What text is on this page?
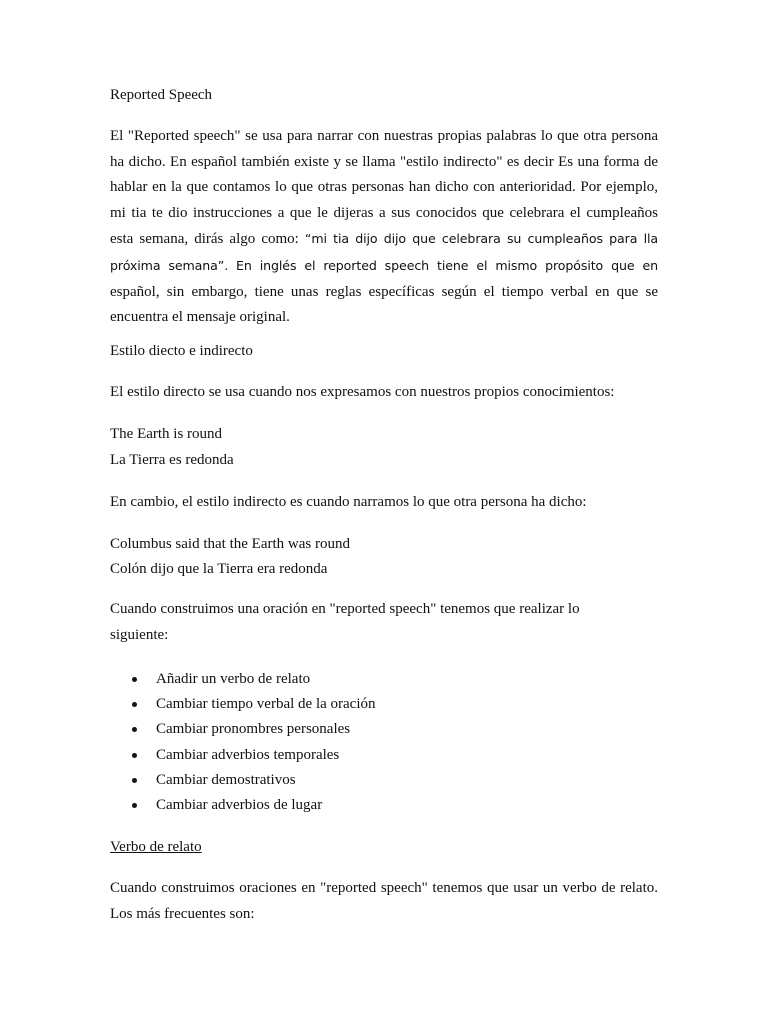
Reported Speech

El "Reported speech" se usa para narrar con nuestras propias palabras lo que otra persona ha dicho. En español también existe y se llama "estilo indirecto" es decir Es una forma de hablar en la que contamos lo que otras personas han dicho con anterioridad. Por ejemplo, mi tia te dio instrucciones a que le dijeras a sus conocidos que celebrara el cumpleaños esta semana, dirás algo como: “mi tia dijo dijo que celebrara su cumpleaños para lla próxima semana”. En inglés el reported speech tiene el mismo propósito que en español, sin embargo, tiene unas reglas específicas según el tiempo verbal en que se encuentra el mensaje original.

Estilo diecto e indirecto
El estilo directo se usa cuando nos expresamos con nuestros propios conocimientos:
The Earth is round
La Tierra es redonda
En cambio, el estilo indirecto es cuando narramos lo que otra persona ha dicho:
Columbus said that the Earth was round
Colón dijo que la Tierra era redonda

Cuando construimos una oración en "reported speech" tenemos que realizar lo siguiente:

Añadir un verbo de relato
Cambiar tiempo verbal de la oración
Cambiar pronombres personales
Cambiar adverbios temporales
Cambiar demostrativos
Cambiar adverbios de lugar
Verbo de relato

Cuando construimos oraciones en "reported speech" tenemos que usar un verbo de relato. Los más frecuentes son:
